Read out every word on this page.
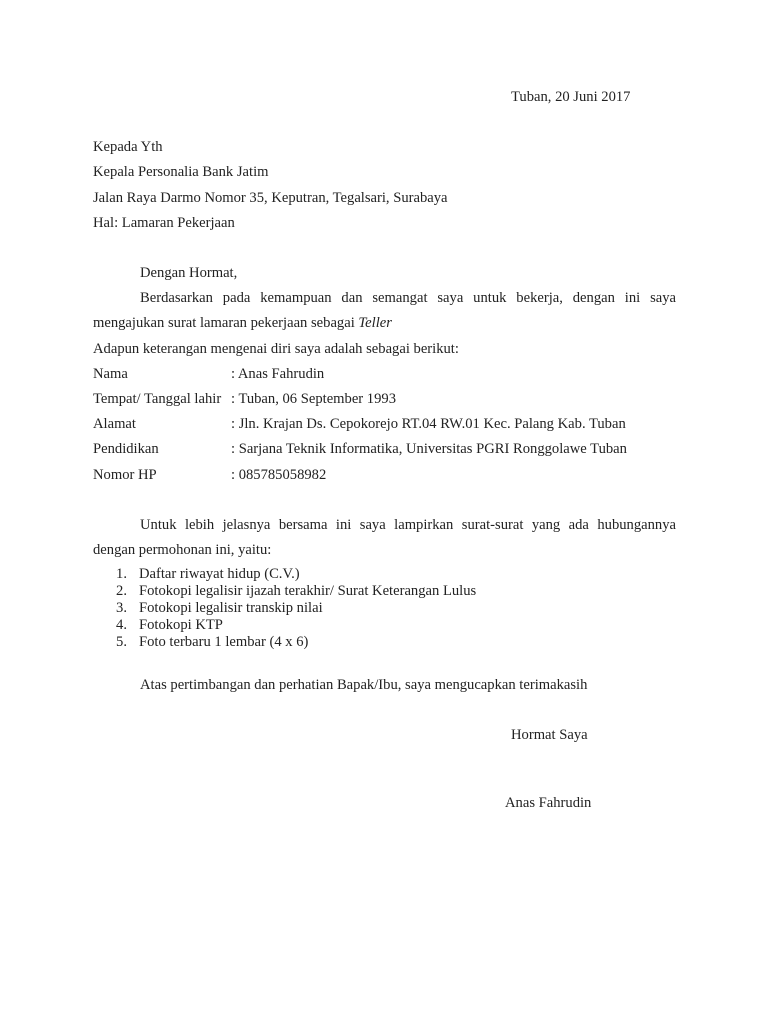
Tuban, 20 Juni 2017
Kepada Yth
Kepala Personalia Bank Jatim
Jalan Raya Darmo Nomor 35, Keputran, Tegalsari, Surabaya
Hal: Lamaran Pekerjaan
Dengan Hormat,
Berdasarkan pada kemampuan dan semangat saya untuk bekerja, dengan ini saya
mengajukan surat lamaran pekerjaan sebagai Teller
Adapun keterangan mengenai diri saya adalah sebagai berikut:
Nama	: Anas Fahrudin
Tempat/ Tanggal lahir : Tuban, 06 September 1993
Alamat	: Jln. Krajan Ds. Cepokorejo RT.04 RW.01 Kec. Palang Kab. Tuban
Pendidikan	: Sarjana Teknik Informatika, Universitas PGRI Ronggolawe Tuban
Nomor HP	: 085785058982
Untuk lebih jelasnya bersama ini saya lampirkan surat-surat yang ada hubungannya
dengan permohonan ini, yaitu:
1. Daftar riwayat hidup (C.V.)
2. Fotokopi legalisir ijazah terakhir/ Surat Keterangan Lulus
3. Fotokopi legalisir transkip nilai
4. Fotokopi KTP
5. Foto terbaru 1 lembar (4 x 6)
Atas pertimbangan dan perhatian Bapak/Ibu, saya mengucapkan terimakasih
Hormat Saya
Anas Fahrudin
